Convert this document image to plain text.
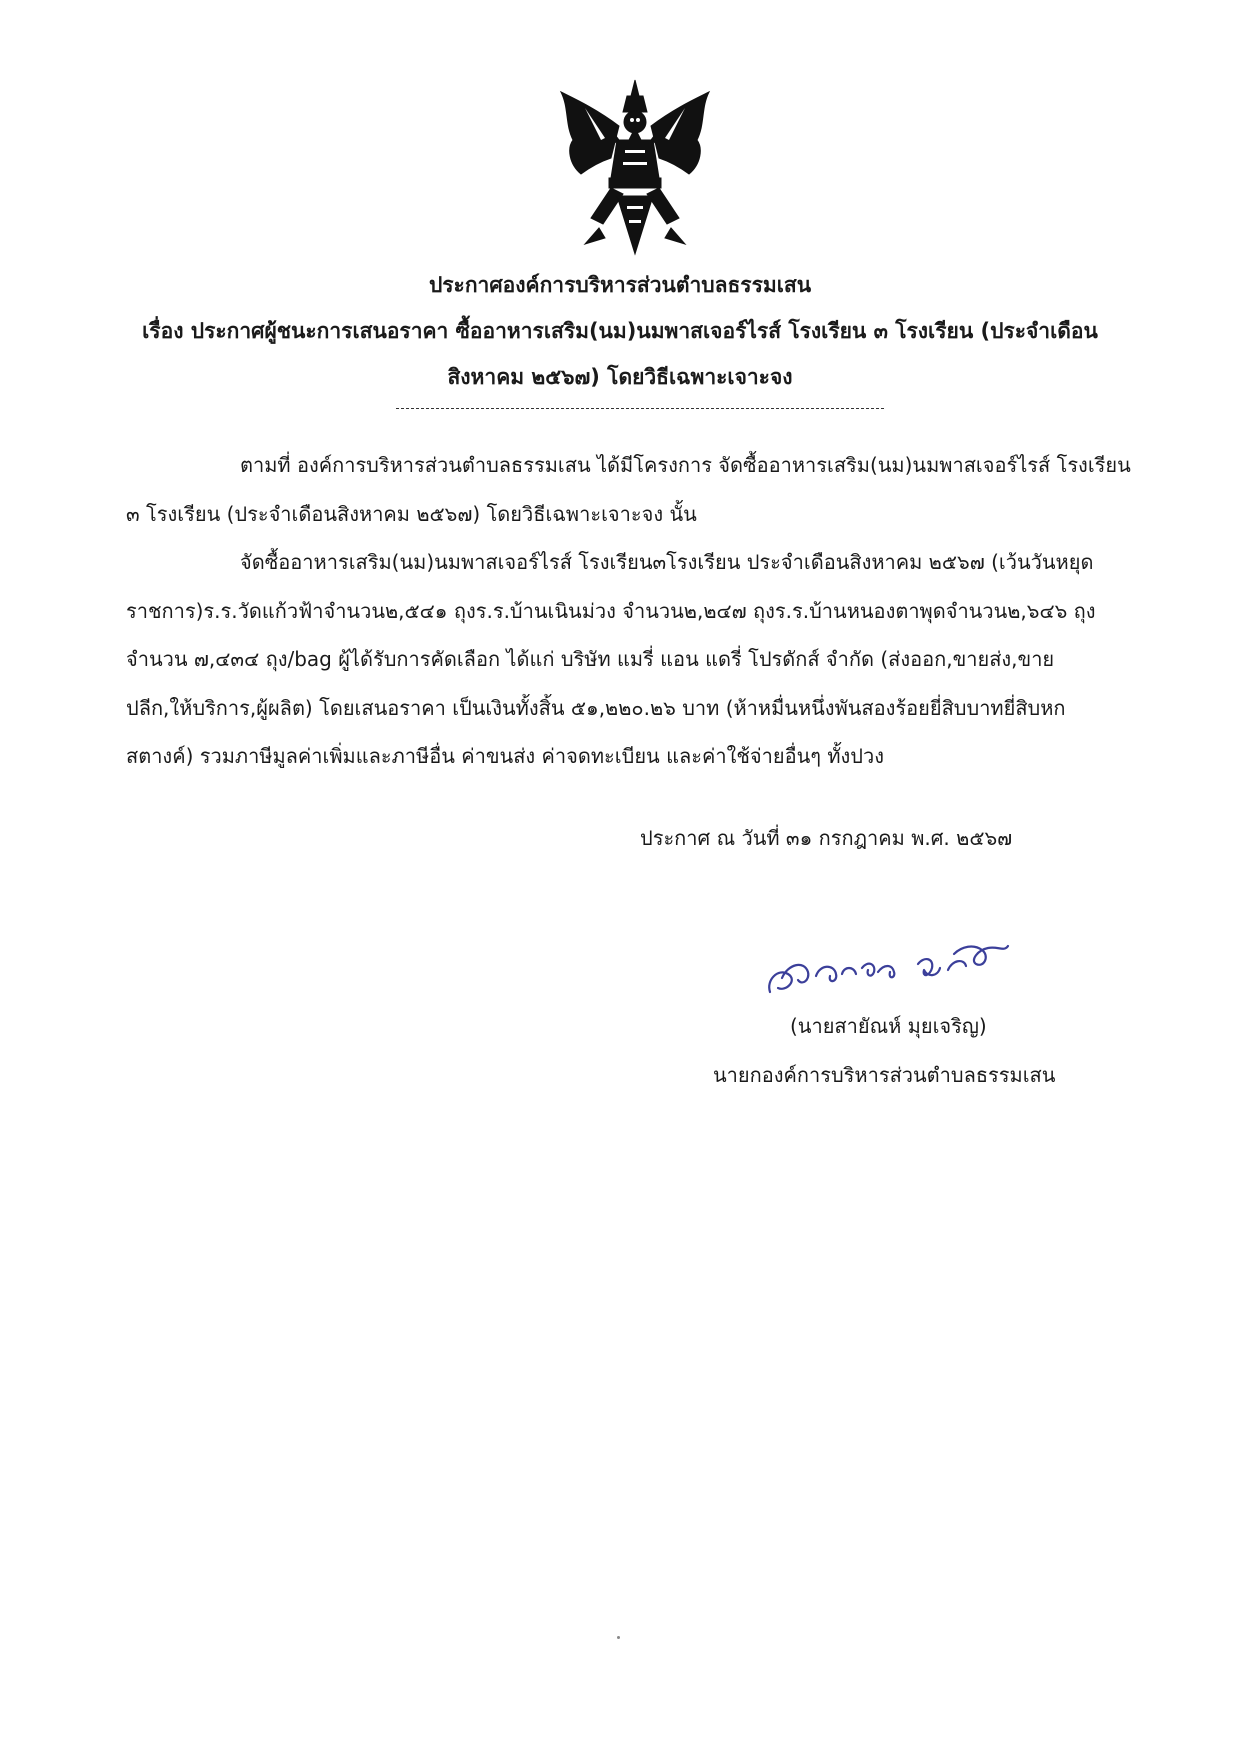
ประกาศองค์การบริหารส่วนตำบลธรรมเสน
เรื่อง ประกาศผู้ชนะการเสนอราคา ซื้ออาหารเสริม(นม)นมพาสเจอร์ไรส์ โรงเรียน ๓ โรงเรียน (ประจำเดือน
สิงหาคม ๒๕๖๗) โดยวิธีเฉพาะเจาะจง
ตามที่ องค์การบริหารส่วนตำบลธรรมเสน ได้มีโครงการ จัดซื้ออาหารเสริม(นม)นมพาสเจอร์ไรส์ โรงเรียน
๓ โรงเรียน (ประจำเดือนสิงหาคม ๒๕๖๗) โดยวิธีเฉพาะเจาะจง นั้น
จัดซื้ออาหารเสริม(นม)นมพาสเจอร์ไรส์ โรงเรียน๓โรงเรียน ประจำเดือนสิงหาคม ๒๕๖๗ (เว้นวันหยุด
ราชการ)ร.ร.วัดแก้วฟ้าจำนวน๒,๕๔๑ ถุงร.ร.บ้านเนินม่วง จำนวน๒,๒๔๗ ถุงร.ร.บ้านหนองตาพุดจำนวน๒,๖๔๖ ถุง
จำนวน ๗,๔๓๔ ถุง/bag ผู้ได้รับการคัดเลือก ได้แก่ บริษัท แมรี่ แอน แดรี่ โปรดักส์ จำกัด (ส่งออก,ขายส่ง,ขาย
ปลีก,ให้บริการ,ผู้ผลิต) โดยเสนอราคา เป็นเงินทั้งสิ้น ๕๑,๒๒๐.๒๖ บาท (ห้าหมื่นหนึ่งพันสองร้อยยี่สิบบาทยี่สิบหก
สตางค์) รวมภาษีมูลค่าเพิ่มและภาษีอื่น ค่าขนส่ง ค่าจดทะเบียน และค่าใช้จ่ายอื่นๆ ทั้งปวง
ประกาศ ณ วันที่ ๓๑ กรกฎาคม พ.ศ. ๒๕๖๗
(นายสายัณห์ มุยเจริญ)
นายกองค์การบริหารส่วนตำบลธรรมเสน
